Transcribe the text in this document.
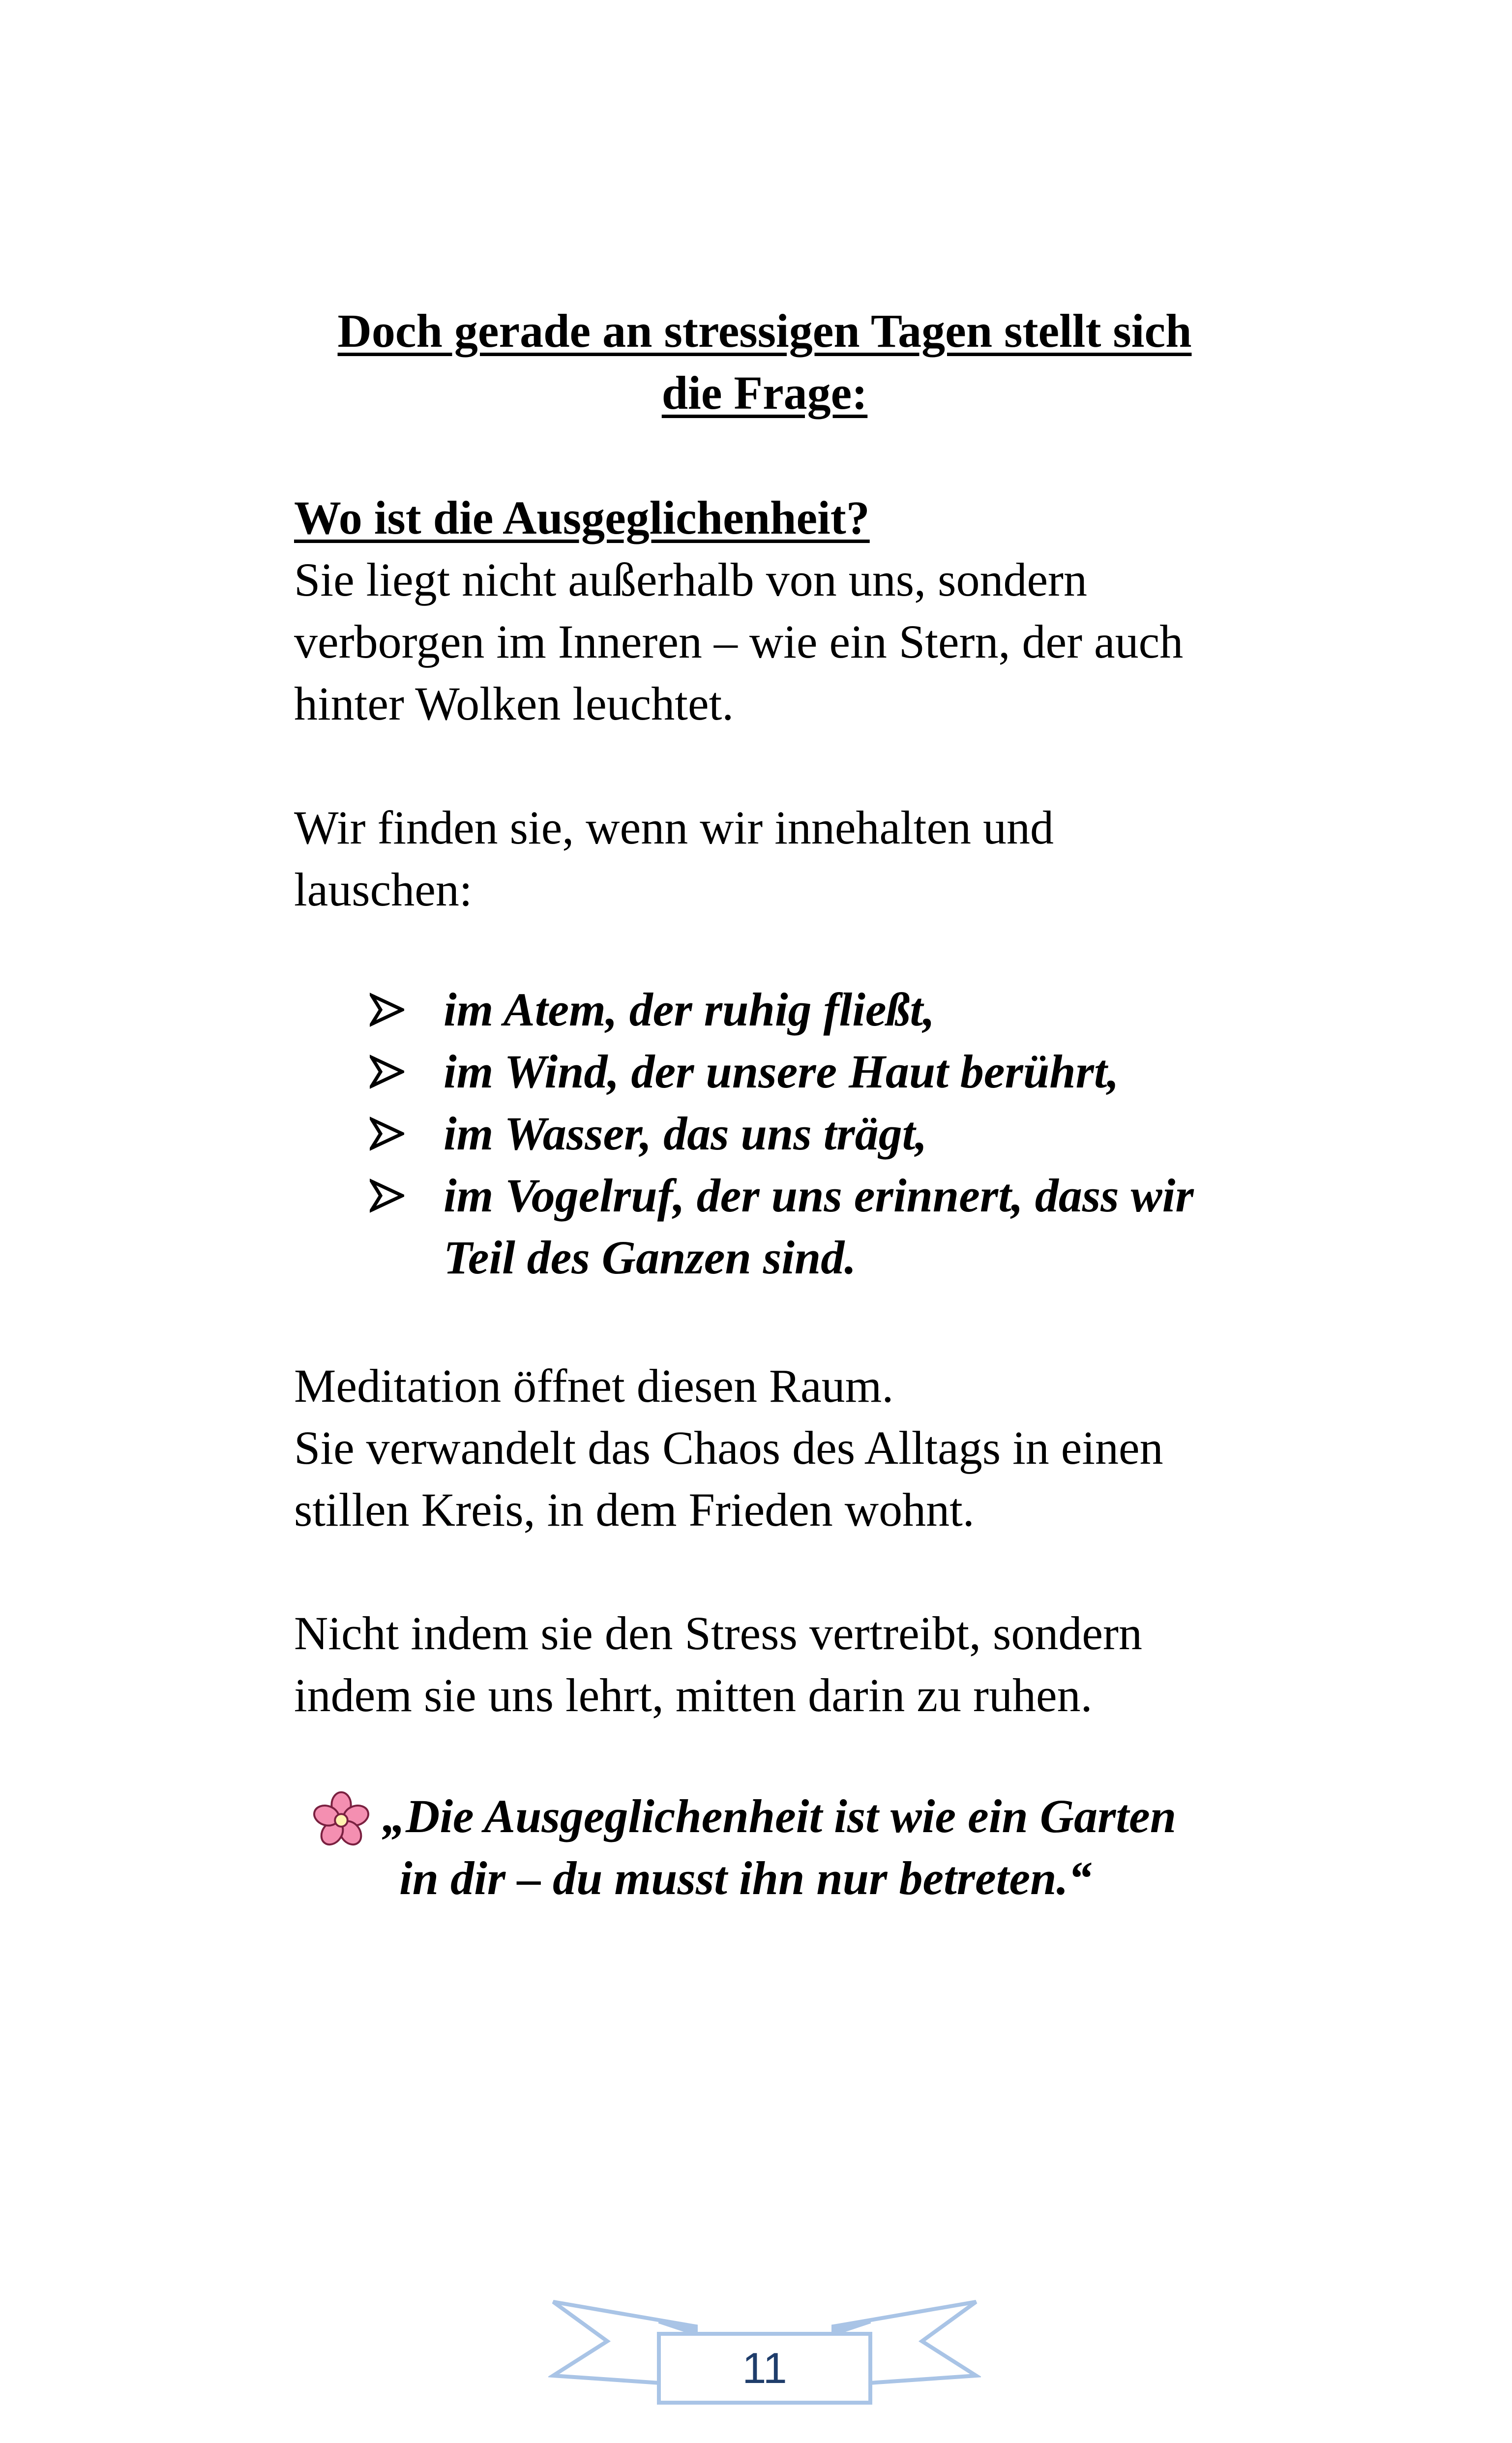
Doch gerade an stressigen Tagen stellt sich
die Frage:
Wo ist die Ausgeglichenheit?
Sie liegt nicht außerhalb von uns, sondern
verborgen im Inneren – wie ein Stern, der auch
hinter Wolken leuchtet.
Wir finden sie, wenn wir innehalten und
lauschen:
im Atem, der ruhig fließt,
im Wind, der unsere Haut berührt,
im Wasser, das uns trägt,
im Vogelruf, der uns erinnert, dass wir
Teil des Ganzen sind.
Meditation öffnet diesen Raum.
Sie verwandelt das Chaos des Alltags in einen
stillen Kreis, in dem Frieden wohnt.
Nicht indem sie den Stress vertreibt, sondern
indem sie uns lehrt, mitten darin zu ruhen.
„Die Ausgeglichenheit ist wie ein Garten
in dir – du musst ihn nur betreten.“
11
